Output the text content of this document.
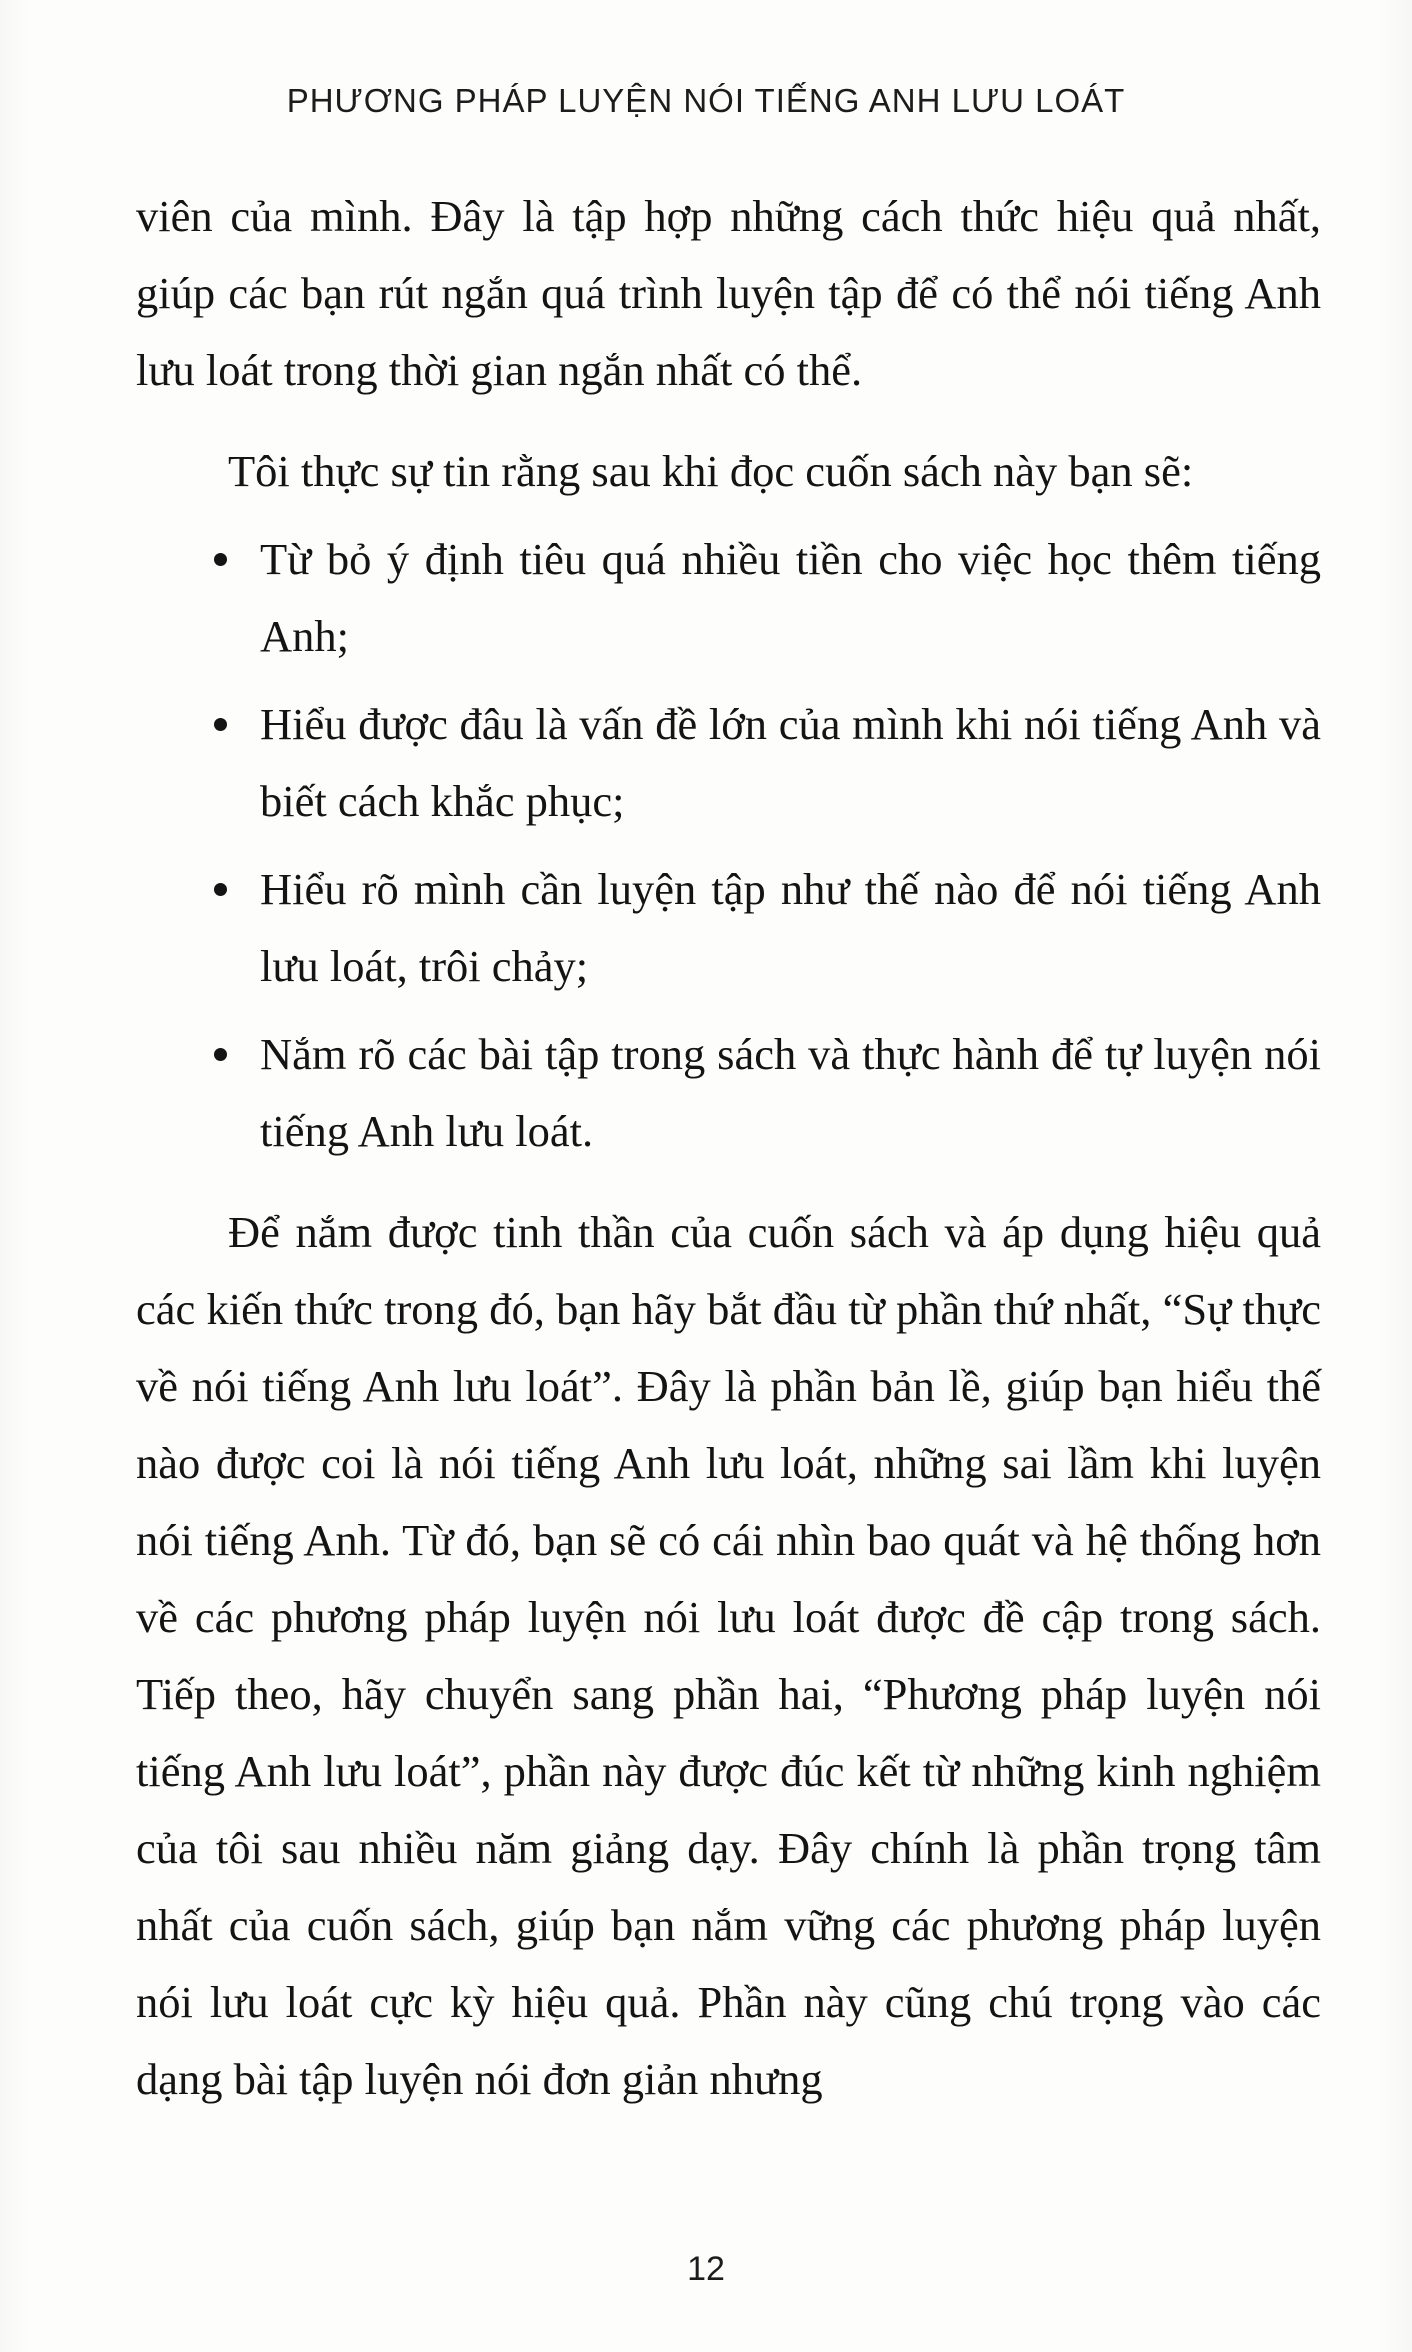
PHƯƠNG PHÁP LUYỆN NÓI TIẾNG ANH LƯU LOÁT

viên của mình. Đây là tập hợp những cách thức hiệu quả nhất, giúp các bạn rút ngắn quá trình luyện tập để có thể nói tiếng Anh lưu loát trong thời gian ngắn nhất có thể.

Tôi thực sự tin rằng sau khi đọc cuốn sách này bạn sẽ:

Từ bỏ ý định tiêu quá nhiều tiền cho việc học thêm tiếng Anh;
Hiểu được đâu là vấn đề lớn của mình khi nói tiếng Anh và biết cách khắc phục;
Hiểu rõ mình cần luyện tập như thế nào để nói tiếng Anh lưu loát, trôi chảy;
Nắm rõ các bài tập trong sách và thực hành để tự luyện nói tiếng Anh lưu loát.

Để nắm được tinh thần của cuốn sách và áp dụng hiệu quả các kiến thức trong đó, bạn hãy bắt đầu từ phần thứ nhất, “Sự thực về nói tiếng Anh lưu loát”. Đây là phần bản lề, giúp bạn hiểu thế nào được coi là nói tiếng Anh lưu loát, những sai lầm khi luyện nói tiếng Anh. Từ đó, bạn sẽ có cái nhìn bao quát và hệ thống hơn về các phương pháp luyện nói lưu loát được đề cập trong sách. Tiếp theo, hãy chuyển sang phần hai, “Phương pháp luyện nói tiếng Anh lưu loát”, phần này được đúc kết từ những kinh nghiệm của tôi sau nhiều năm giảng dạy. Đây chính là phần trọng tâm nhất của cuốn sách, giúp bạn nắm vững các phương pháp luyện nói lưu loát cực kỳ hiệu quả. Phần này cũng chú trọng vào các dạng bài tập luyện nói đơn giản nhưng

12
